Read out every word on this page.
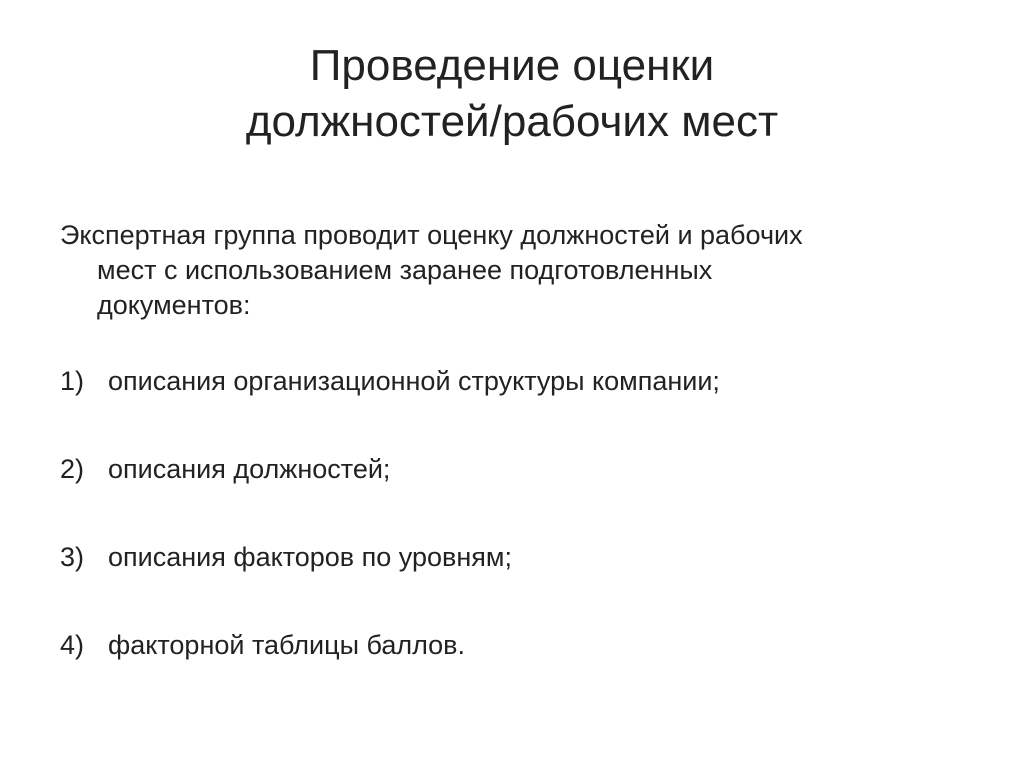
Проведение оценки
должностей/рабочих мест
Экспертная группа проводит оценку должностей и рабочих
мест с использованием заранее подготовленных
документов:
1) описания организационной структуры компании;
2) описания должностей;
3) описания факторов по уровням;
4) факторной таблицы баллов.
